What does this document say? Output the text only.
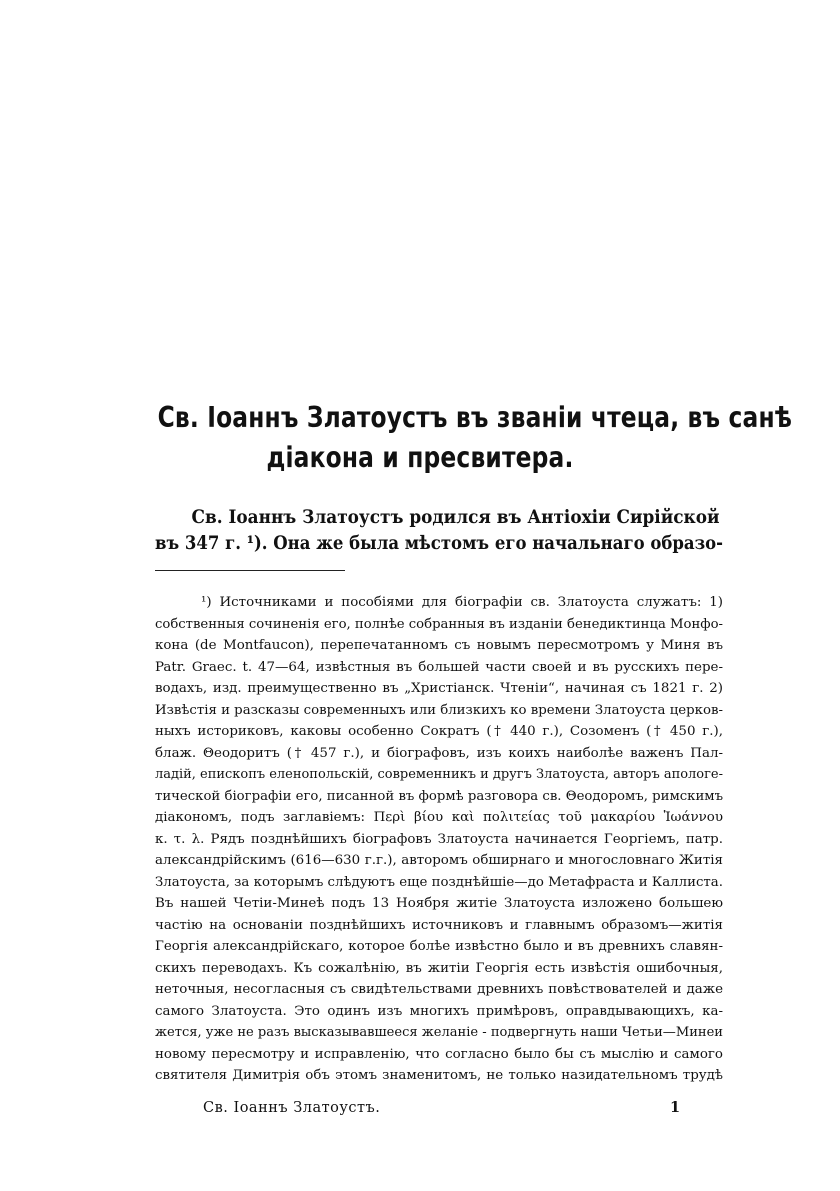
Св. Іоаннъ Златоустъ въ званіи чтеца, въ санѣ
діакона и пресвитера.
Св. Іоаннъ Златоустъ родился въ Антіохіи Сирійской
въ 347 г. ¹). Она же была мѣстомъ его начальнаго образо-
¹) Источниками и пособіями для біографіи св. Златоуста служатъ: 1)
собственныя сочиненія его, полнѣе собранныя въ изданіи бенедиктинца Монфо-
кона (de Montfaucon), перепечатанномъ съ новымъ пересмотромъ у Миня въ
Patr. Graec. t. 47—64, извѣстныя въ большей части своей и въ русскихъ пере-
водахъ, изд. преимущественно въ „Христіанск. Чтеніи“, начиная съ 1821 г. 2)
Извѣстія и разсказы современныхъ или близкихъ ко времени Златоуста церков-
ныхъ историковъ, каковы особенно Сократъ († 440 г.), Созоменъ († 450 г.),
блаж. Θеодоритъ († 457 г.), и біографовъ, изъ коихъ наиболѣе важенъ Пал-
ладій, епископъ еленопольскій, современникъ и другъ Златоуста, авторъ апологе-
тической біографіи его, писанной въ формѣ разговора св. Θеодоромъ, римскимъ
діакономъ, подъ заглавіемъ: Περὶ βίου καὶ πολιτείας τοῦ μακαρίου Ἰωάννου
κ. τ. λ. Рядъ позднѣйшихъ біографовъ Златоуста начинается Георгіемъ, патр.
александрійскимъ (616—630 г.г.), авторомъ обширнаго и многословнаго Житія
Златоуста, за которымъ слѣдуютъ еще позднѣйшіе—до Метафраста и Каллиста.
Въ нашей Четіи-Минеѣ подъ 13 Ноября житіе Златоуста изложено большею
частію на основаніи позднѣйшихъ источниковъ и главнымъ образомъ—житія
Георгія александрійскаго, которое болѣе извѣстно было и въ древнихъ славян-
скихъ переводахъ. Къ сожалѣнію, въ житіи Георгія есть извѣстія ошибочныя,
неточныя, несогласныя съ свидѣтельствами древнихъ повѣствователей и даже
самого Златоуста. Это одинъ изъ многихъ примѣровъ, оправдывающихъ, ка-
жется, уже не разъ высказывавшееся желаніе - подвергнуть наши Четьи—Минеи
новому пересмотру и исправленію, что согласно было бы съ мыслію и самого
святителя Димитрія объ этомъ знаменитомъ, не только назидательномъ трудѣ
Св. Іоаннъ Златоустъ.	1
